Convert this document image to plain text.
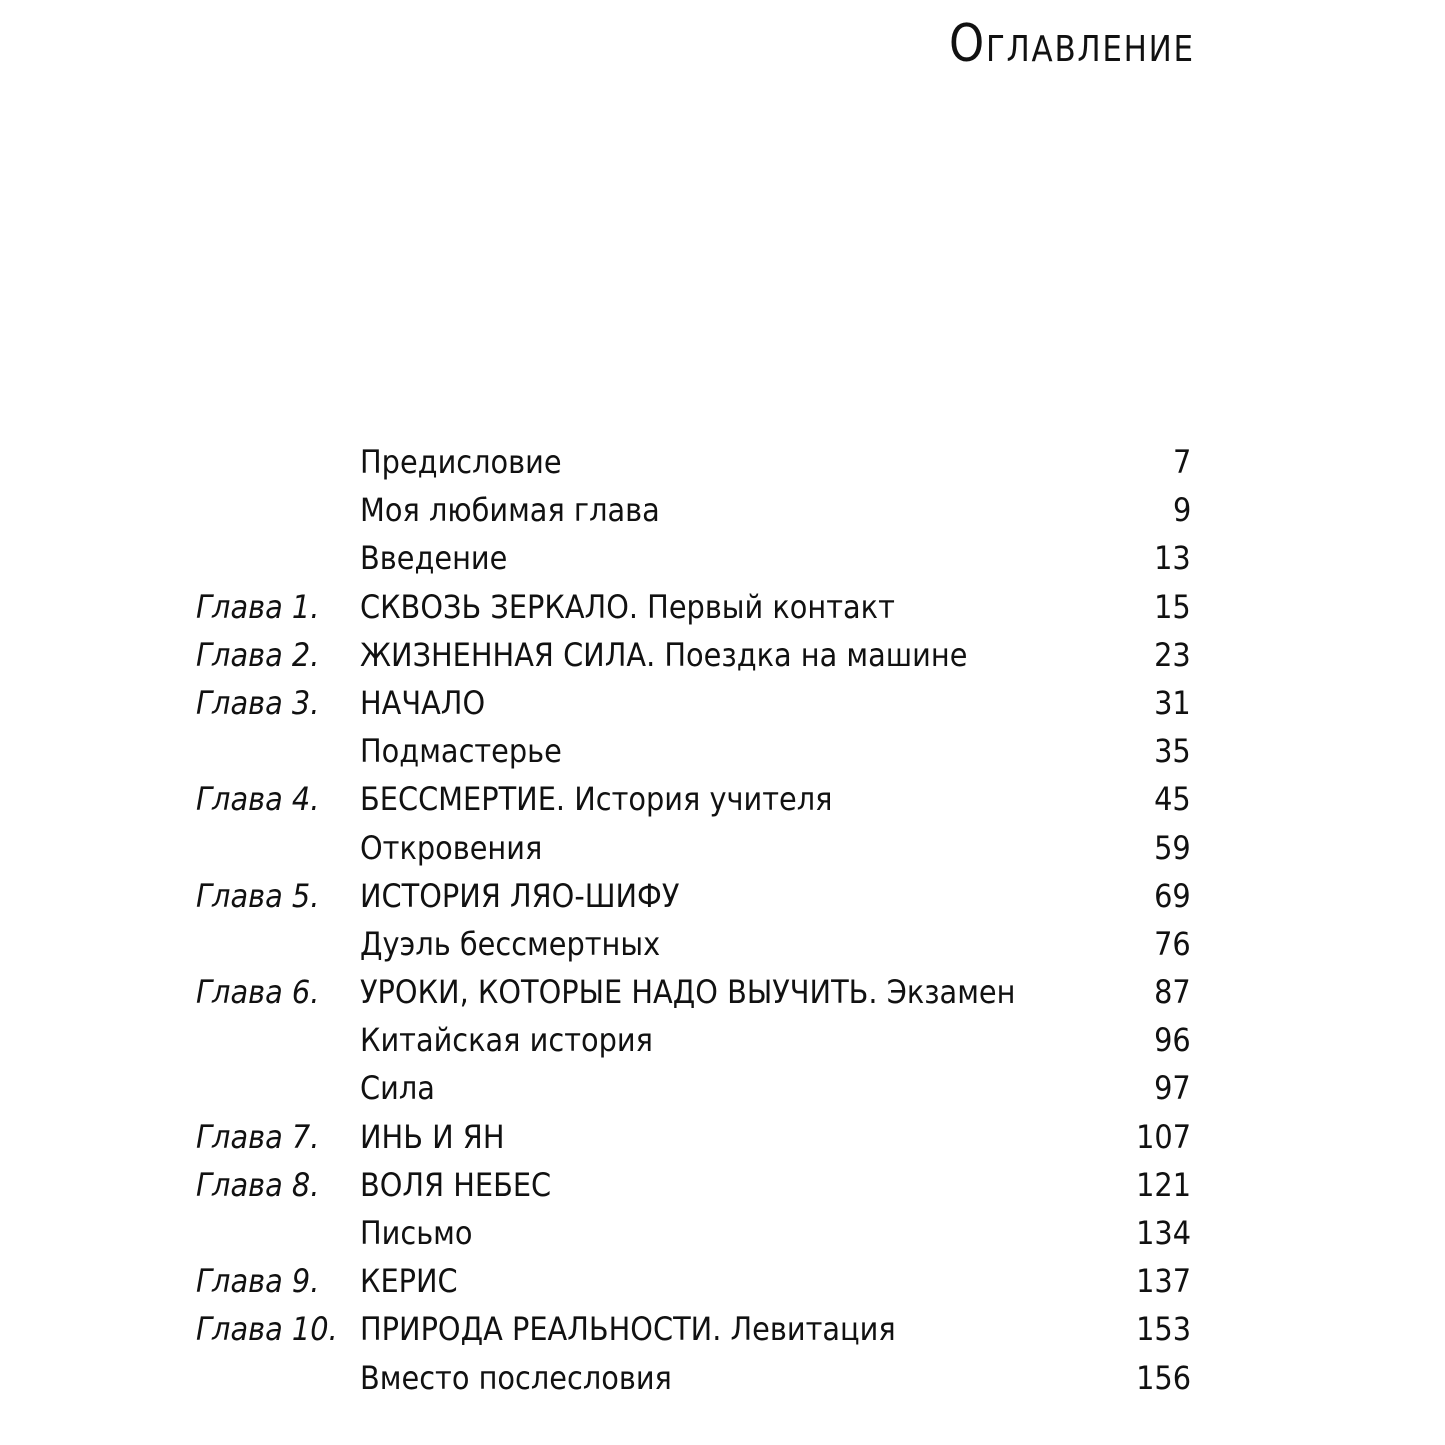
Оглавление
Предисловие	7
Моя любимая глава	9
Введение	13
Глава 1. СКВОЗЬ ЗЕРКАЛО. Первый контакт	15
Глава 2. ЖИЗНЕННАЯ СИЛА. Поездка на машине	23
Глава 3. НАЧАЛО	31
Подмастерье	35
Глава 4. БЕССМЕРТИЕ. История учителя	45
Откровения	59
Глава 5. ИСТОРИЯ ЛЯО-ШИФУ	69
Дуэль бессмертных	76
Глава 6. УРОКИ, КОТОРЫЕ НАДО ВЫУЧИТЬ. Экзамен	87
Китайская история	96
Сила	97
Глава 7. ИНЬ И ЯН	107
Глава 8. ВОЛЯ НЕБЕС	121
Письмо	134
Глава 9. КЕРИС	137
Глава 10. ПРИРОДА РЕАЛЬНОСТИ. Левитация	153
Вместо послесловия	156
